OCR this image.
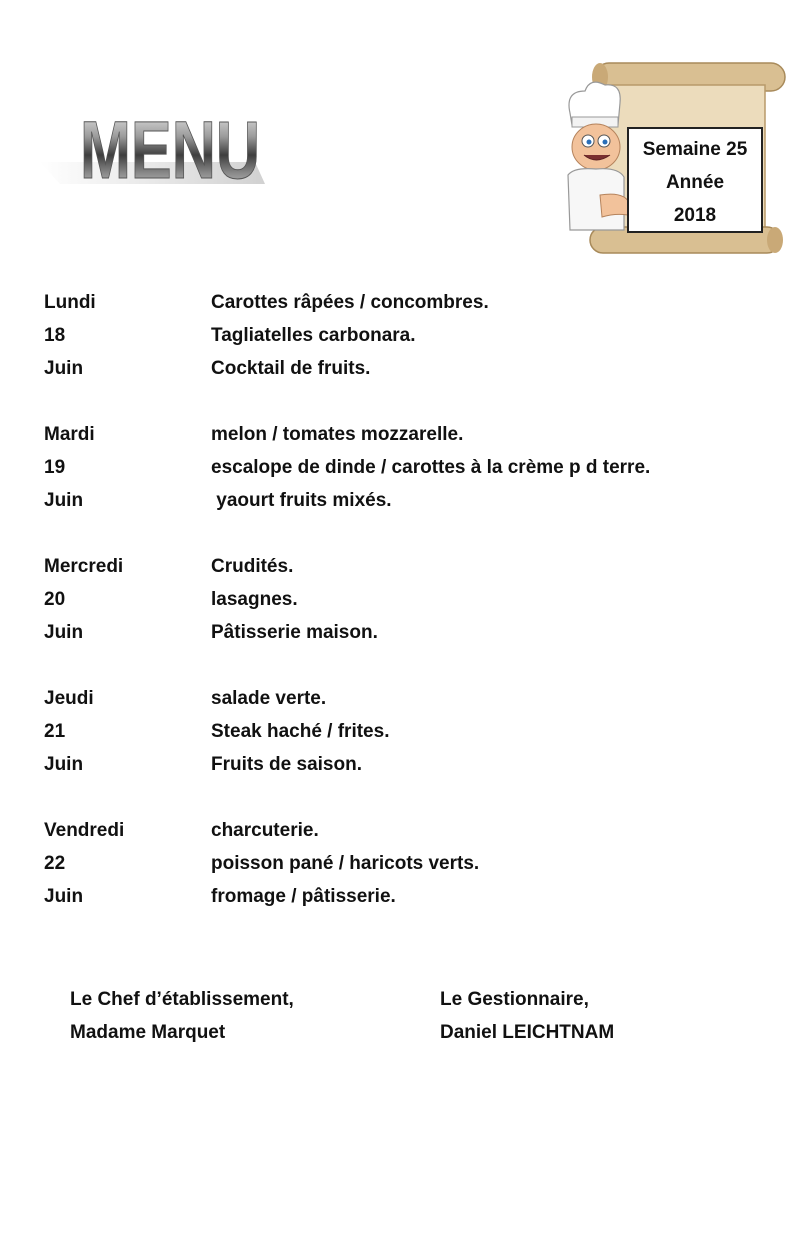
MENU	Semaine 25
Année
2018
Lundi	Carottes râpées / concombres.
18	Tagliatelles carbonara.
Juin	Cocktail de fruits.
Mardi	melon / tomates mozzarelle.
19	escalope de dinde / carottes à la crème p d terre.
Juin	yaourt fruits mixés.
Mercredi	Crudités.
20	lasagnes.
Juin	Pâtisserie maison.
Jeudi	salade verte.
21	Steak haché / frites.
Juin	Fruits de saison.
Vendredi	charcuterie.
22	poisson pané / haricots verts.
Juin	fromage / pâtisserie.
Le Chef d’établissement,
Madame Marquet
Le Gestionnaire,
Daniel LEICHTNAM
